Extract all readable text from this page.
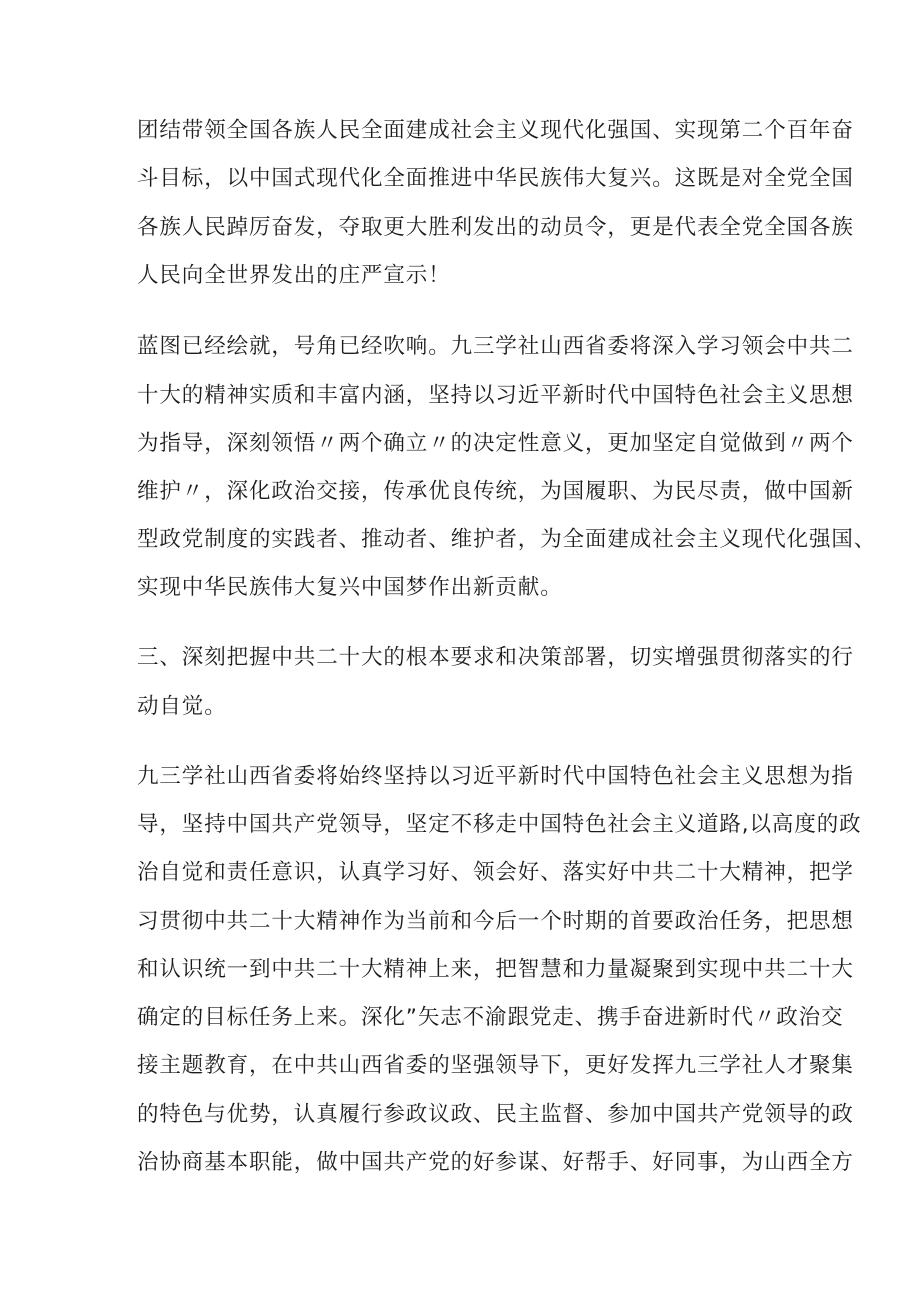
团结带领全国各族人民全面建成社会主义现代化强国、实现第二个百年奋

斗目标，以中国式现代化全面推进中华民族伟大复兴。这既是对全党全国

各族人民踔厉奋发，夺取更大胜利发出的动员令，更是代表全党全国各族

人民向全世界发出的庄严宣示！

蓝图已经绘就，号角已经吹响。九三学社山西省委将深入学习领会中共二

十大的精神实质和丰富内涵，坚持以习近平新时代中国特色社会主义思想

为指导，深刻领悟〃两个确立〃的决定性意义，更加坚定自觉做到〃两个

维护〃，深化政治交接，传承优良传统，为国履职、为民尽责，做中国新

型政党制度的实践者、推动者、维护者，为全面建成社会主义现代化强国、

实现中华民族伟大复兴中国梦作出新贡献。

三、深刻把握中共二十大的根本要求和决策部署，切实增强贯彻落实的行

动自觉。

九三学社山西省委将始终坚持以习近平新时代中国特色社会主义思想为指

导，坚持中国共产党领导，坚定不移走中国特色社会主义道路,以高度的政

治自觉和责任意识，认真学习好、领会好、落实好中共二十大精神，把学

习贯彻中共二十大精神作为当前和今后一个时期的首要政治任务，把思想

和认识统一到中共二十大精神上来，把智慧和力量凝聚到实现中共二十大

确定的目标任务上来。深化”矢志不渝跟党走、携手奋进新时代〃政治交

接主题教育，在中共山西省委的坚强领导下，更好发挥九三学社人才聚集

的特色与优势，认真履行参政议政、民主监督、参加中国共产党领导的政

治协商基本职能，做中国共产党的好参谋、好帮手、好同事，为山西全方
